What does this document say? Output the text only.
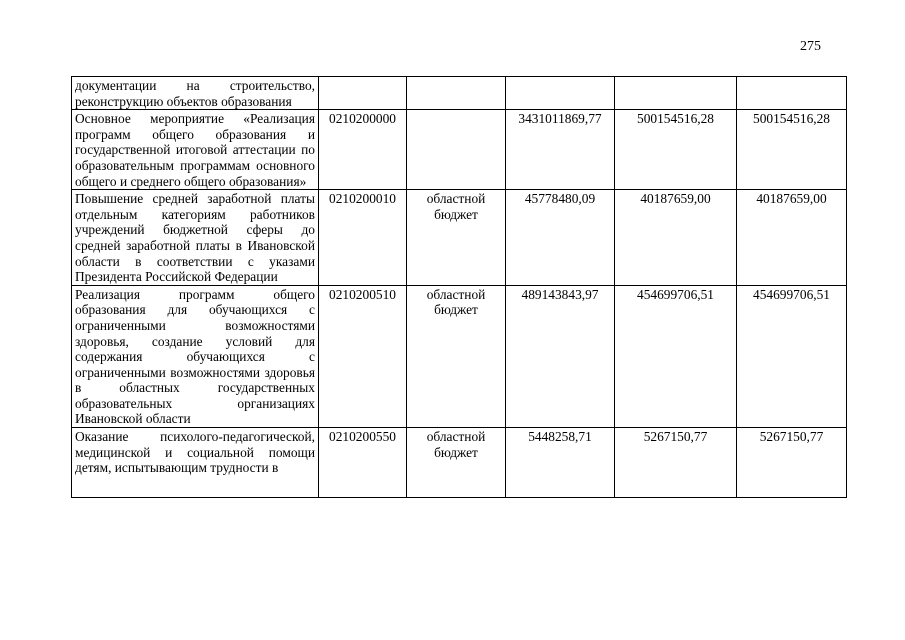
275
документации на строительство, реконструкцию объектов образования					
Основное мероприятие «Реализация программ общего образования и государственной итоговой аттестации по образовательным программам основного общего и среднего общего образования»	0210200000		3431011869,77	500154516,28	500154516,28
Повышение средней заработной платы отдельным категориям работников учреждений бюджетной сферы до средней заработной платы в Ивановской области в соответствии с указами Президента Российской Федерации	0210200010	областной бюджет	45778480,09	40187659,00	40187659,00
Реализация программ общего образования для обучающихся с ограниченными возможностями здоровья, создание условий для содержания обучающихся с ограниченными возможностями здоровья в областных государственных образовательных организациях Ивановской области	0210200510	областной бюджет	489143843,97	454699706,51	454699706,51
Оказание психолого-педагогической, медицинской и социальной помощи детям, испытывающим трудности в	0210200550	областной бюджет	5448258,71	5267150,77	5267150,77
